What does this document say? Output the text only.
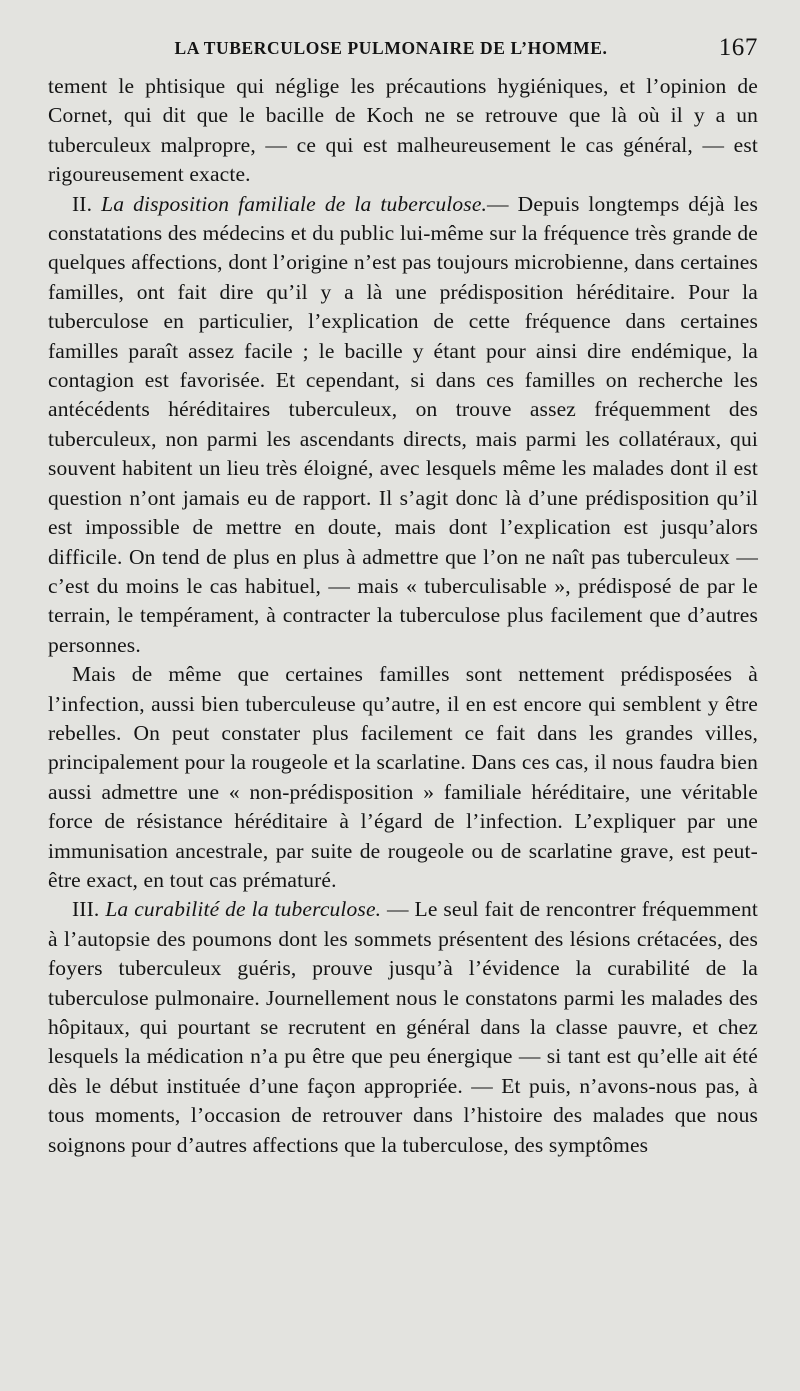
LA TUBERCULOSE PULMONAIRE DE L’HOMME.	167

tement le phtisique qui néglige les précautions hygiéniques, et l’opinion de Cornet, qui dit que le bacille de Koch ne se retrouve que là où il y a un tuberculeux malpropre, — ce qui est malheureusement le cas général, — est rigoureusement exacte.

II. La disposition familiale de la tuberculose.— Depuis longtemps déjà les constatations des médecins et du public lui-même sur la fréquence très grande de quelques affections, dont l’origine n’est pas toujours microbienne, dans certaines familles, ont fait dire qu’il y a là une prédisposition héréditaire. Pour la tuberculose en particulier, l’explication de cette fréquence dans certaines familles paraît assez facile ; le bacille y étant pour ainsi dire endémique, la contagion est favorisée. Et cependant, si dans ces familles on recherche les antécédents héréditaires tuberculeux, on trouve assez fréquemment des tuberculeux, non parmi les ascendants directs, mais parmi les collatéraux, qui souvent habitent un lieu très éloigné, avec lesquels même les malades dont il est question n’ont jamais eu de rapport. Il s’agit donc là d’une prédisposition qu’il est impossible de mettre en doute, mais dont l’explication est jusqu’alors difficile. On tend de plus en plus à admettre que l’on ne naît pas tuberculeux — c’est du moins le cas habituel, — mais « tuberculisable », prédisposé de par le terrain, le tempérament, à contracter la tuberculose plus facilement que d’autres personnes.

Mais de même que certaines familles sont nettement prédisposées à l’infection, aussi bien tuberculeuse qu’autre, il en est encore qui semblent y être rebelles. On peut constater plus facilement ce fait dans les grandes villes, principalement pour la rougeole et la scarlatine. Dans ces cas, il nous faudra bien aussi admettre une « non-prédisposition » familiale héréditaire, une véritable force de résistance héréditaire à l’égard de l’infection. L’expliquer par une immunisation ancestrale, par suite de rougeole ou de scarlatine grave, est peut-être exact, en tout cas prématuré.

III. La curabilité de la tuberculose. — Le seul fait de rencontrer fréquemment à l’autopsie des poumons dont les sommets présentent des lésions crétacées, des foyers tuberculeux guéris, prouve jusqu’à l’évidence la curabilité de la tuberculose pulmonaire. Journellement nous le constatons parmi les malades des hôpitaux, qui pourtant se recrutent en général dans la classe pauvre, et chez lesquels la médication n’a pu être que peu énergique — si tant est qu’elle ait été dès le début instituée d’une façon appropriée. — Et puis, n’avons-nous pas, à tous moments, l’occasion de retrouver dans l’histoire des malades que nous soignons pour d’autres affections que la tuberculose, des symptômes
